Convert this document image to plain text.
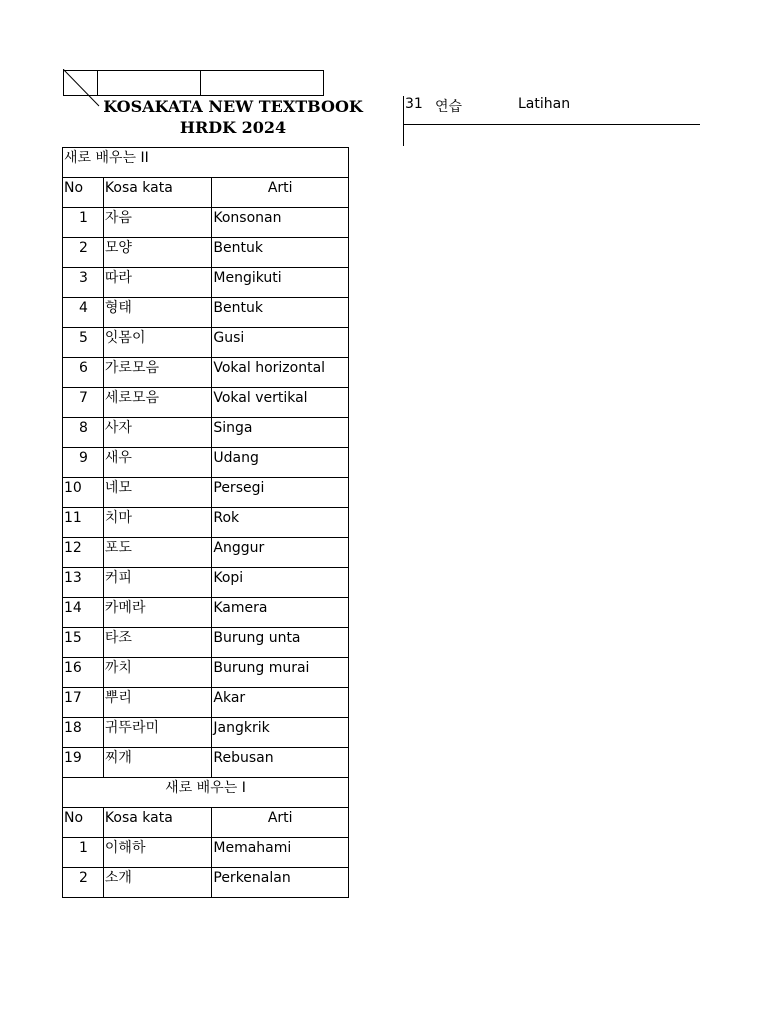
KOSAKATA NEW TEXTBOOK
HRDK 2024
31 연습	Latihan
새로 배우는 II		
No	Kosa kata	Arti
1	자음	Konsonan
2	모양	Bentuk
3	따라	Mengikuti
4	형태	Bentuk
5	잇몸이	Gusi
6	가로모음	Vokal horizontal
7	세로모음	Vokal vertikal
8	사자	Singa
9	새우	Udang
10	네모	Persegi
11	치마	Rok
12	포도	Anggur
13	커피	Kopi
14	카메라	Kamera
15	타조	Burung unta
16	까치	Burung murai
17	뿌리	Akar
18	귀뚜라미	Jangkrik
19	찌개	Rebusan
새로 배우는 I		
No	Kosa kata	Arti
1	이해하	Memahami
2	소개	Perkenalan
